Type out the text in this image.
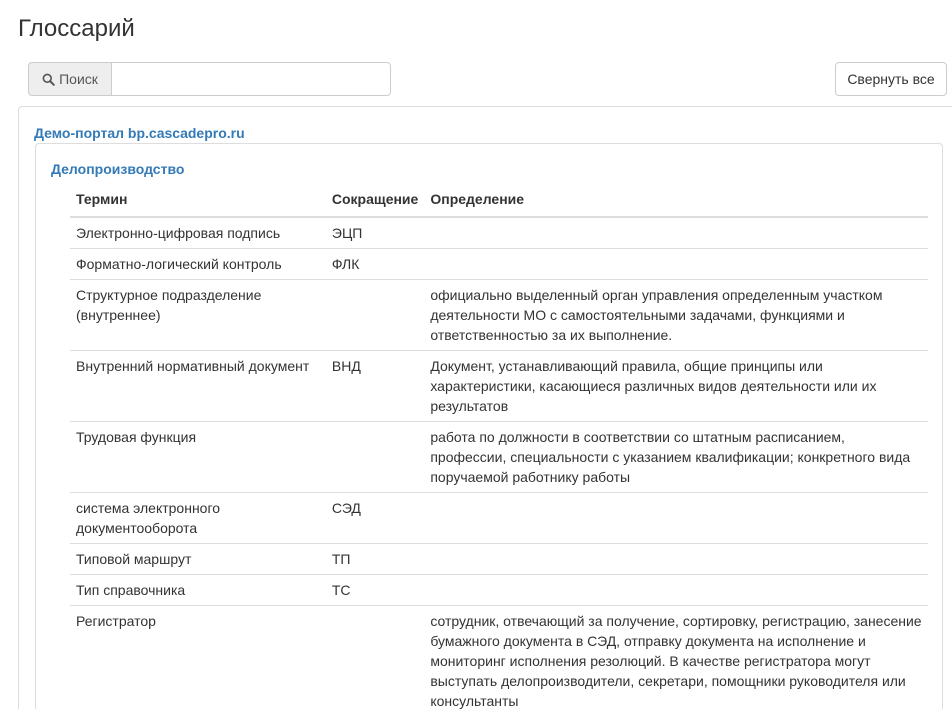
Глоссарий
Поиск	Свернуть все
Демо-портал bp.cascadepro.ru
Делопроизводство
Термин	Сокращение	Определение
Электронно-цифровая подпись	ЭЦП	
Форматно-логический контроль	ФЛК	
Структурное подразделение (внутреннее)		официально выделенный орган управления определенным участком деятельности МО с самостоятельными задачами, функциями и ответственностью за их выполнение.
Внутренний нормативный документ	ВНД	Документ, устанавливающий правила, общие принципы или характеристики, касающиеся различных видов деятельности или их результатов
Трудовая функция		работа по должности в соответствии со штатным расписанием, профессии, специальности с указанием квалификации; конкретного вида поручаемой работнику работы
система электронного документооборота	СЭД	
Типовой маршрут	ТП	
Тип справочника	ТС	
Регистратор		сотрудник, отвечающий за получение, сортировку, регистрацию, занесение бумажного документа в СЭД, отправку документа на исполнение и мониторинг исполнения резолюций. В качестве регистратора могут выступать делопроизводители, секретари, помощники руководителя или консультанты
